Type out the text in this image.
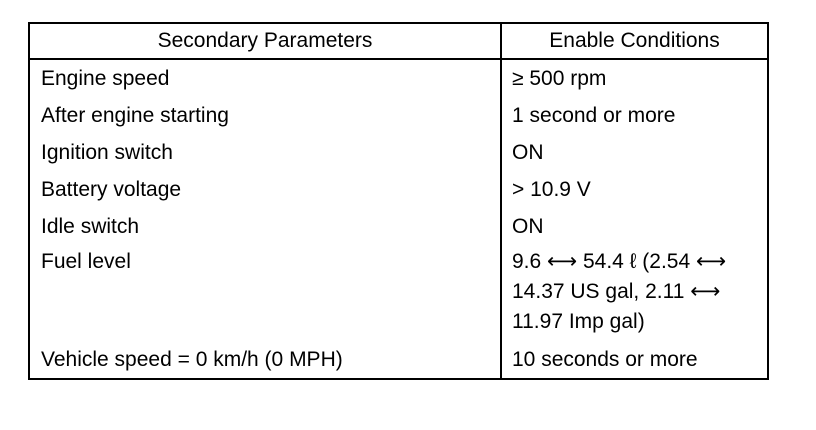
Secondary Parameters	Enable Conditions
Engine speed	≥ 500 rpm
After engine starting	1 second or more
Ignition switch	ON
Battery voltage	> 10.9 V
Idle switch	ON
Fuel level	9.6 ⟷ 54.4 ℓ (2.54 ⟷ 14.37 US gal, 2.11 ⟷ 11.97 Imp gal)
Vehicle speed = 0 km/h (0 MPH)	10 seconds or more
